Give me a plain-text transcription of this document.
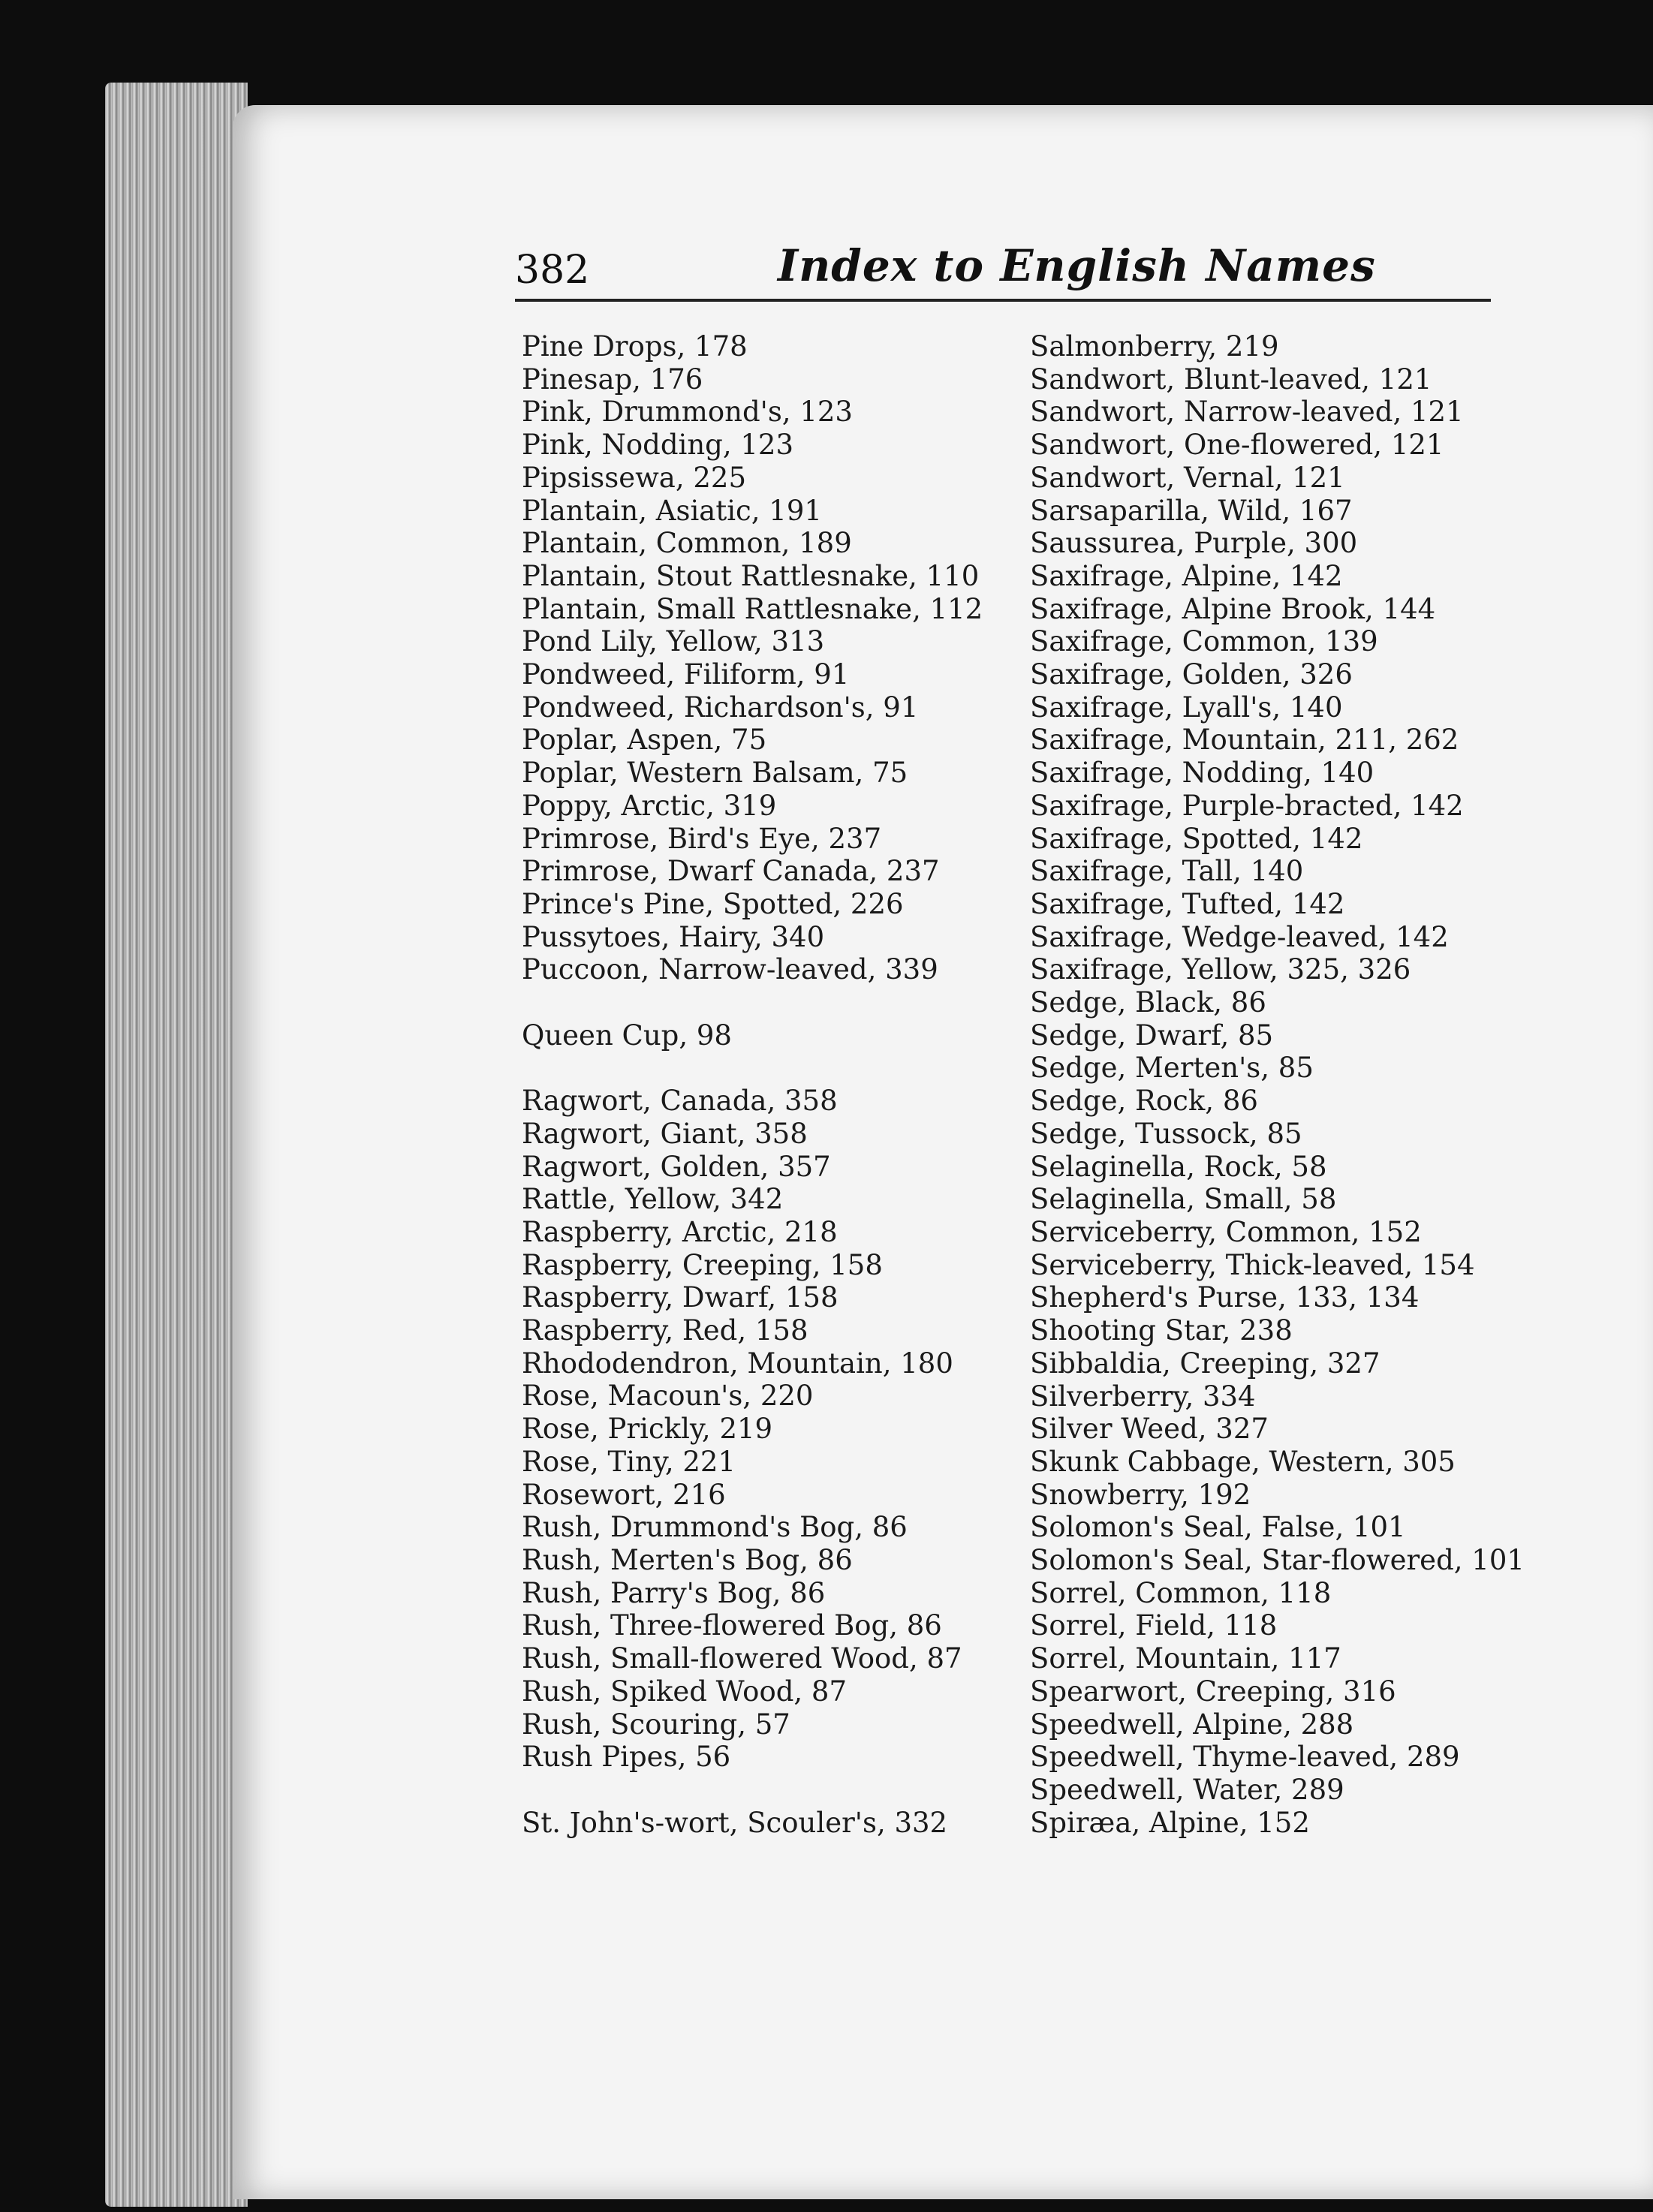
382	Index to English Names
Pine Drops, 178
Pinesap, 176
Pink, Drummond's, 123
Pink, Nodding, 123
Pipsissewa, 225
Plantain, Asiatic, 191
Plantain, Common, 189
Plantain, Stout Rattlesnake, 110
Plantain, Small Rattlesnake, 112
Pond Lily, Yellow, 313
Pondweed, Filiform, 91
Pondweed, Richardson's, 91
Poplar, Aspen, 75
Poplar, Western Balsam, 75
Poppy, Arctic, 319
Primrose, Bird's Eye, 237
Primrose, Dwarf Canada, 237
Prince's Pine, Spotted, 226
Pussytoes, Hairy, 340
Puccoon, Narrow-leaved, 339
Queen Cup, 98
Ragwort, Canada, 358
Ragwort, Giant, 358
Ragwort, Golden, 357
Rattle, Yellow, 342
Raspberry, Arctic, 218
Raspberry, Creeping, 158
Raspberry, Dwarf, 158
Raspberry, Red, 158
Rhododendron, Mountain, 180
Rose, Macoun's, 220
Rose, Prickly, 219
Rose, Tiny, 221
Rosewort, 216
Rush, Drummond's Bog, 86
Rush, Merten's Bog, 86
Rush, Parry's Bog, 86
Rush, Three-flowered Bog, 86
Rush, Small-flowered Wood, 87
Rush, Spiked Wood, 87
Rush, Scouring, 57
Rush Pipes, 56
St. John's-wort, Scouler's, 332
Salmonberry, 219
Sandwort, Blunt-leaved, 121
Sandwort, Narrow-leaved, 121
Sandwort, One-flowered, 121
Sandwort, Vernal, 121
Sarsaparilla, Wild, 167
Saussurea, Purple, 300
Saxifrage, Alpine, 142
Saxifrage, Alpine Brook, 144
Saxifrage, Common, 139
Saxifrage, Golden, 326
Saxifrage, Lyall's, 140
Saxifrage, Mountain, 211, 262
Saxifrage, Nodding, 140
Saxifrage, Purple-bracted, 142
Saxifrage, Spotted, 142
Saxifrage, Tall, 140
Saxifrage, Tufted, 142
Saxifrage, Wedge-leaved, 142
Saxifrage, Yellow, 325, 326
Sedge, Black, 86
Sedge, Dwarf, 85
Sedge, Merten's, 85
Sedge, Rock, 86
Sedge, Tussock, 85
Selaginella, Rock, 58
Selaginella, Small, 58
Serviceberry, Common, 152
Serviceberry, Thick-leaved, 154
Shepherd's Purse, 133, 134
Shooting Star, 238
Sibbaldia, Creeping, 327
Silverberry, 334
Silver Weed, 327
Skunk Cabbage, Western, 305
Snowberry, 192
Solomon's Seal, False, 101
Solomon's Seal, Star-flowered, 101
Sorrel, Common, 118
Sorrel, Field, 118
Sorrel, Mountain, 117
Spearwort, Creeping, 316
Speedwell, Alpine, 288
Speedwell, Thyme-leaved, 289
Speedwell, Water, 289
Spiræa, Alpine, 152
